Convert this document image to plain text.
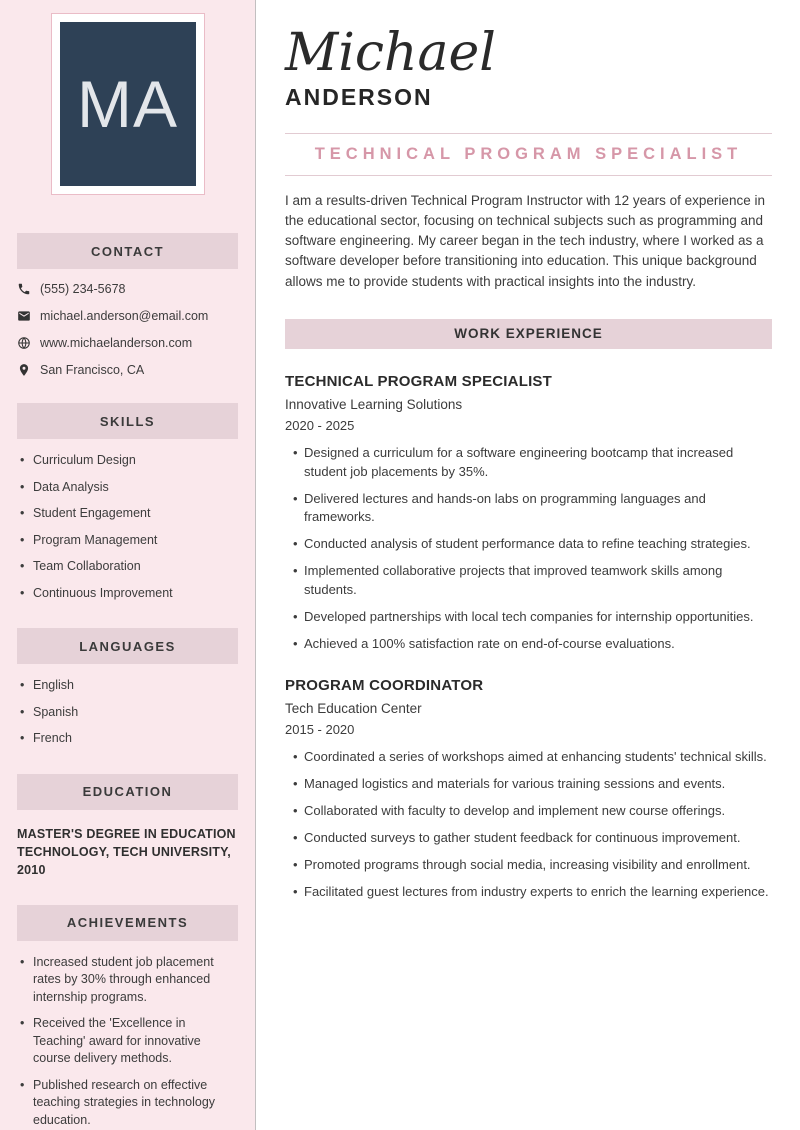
MA
CONTACT
(555) 234-5678
michael.anderson@email.com
www.michaelanderson.com
San Francisco, CA
SKILLS
• Curriculum Design
• Data Analysis
• Student Engagement
• Program Management
• Team Collaboration
• Continuous Improvement
LANGUAGES
• English
• Spanish
• French
EDUCATION
MASTER'S DEGREE IN EDUCATION TECHNOLOGY, TECH UNIVERSITY, 2010
ACHIEVEMENTS
• Increased student job placement rates by 30% through enhanced internship programs.
• Received the 'Excellence in Teaching' award for innovative course delivery methods.
• Published research on effective teaching strategies in technology education.
Michael
ANDERSON
TECHNICAL PROGRAM SPECIALIST

I am a results-driven Technical Program Instructor with 12 years of experience in the educational sector, focusing on technical subjects such as programming and software engineering. My career began in the tech industry, where I worked as a software developer before transitioning into education. This unique background allows me to provide students with practical insights into the industry.

WORK EXPERIENCE
TECHNICAL PROGRAM SPECIALIST
Innovative Learning Solutions
2020 - 2025
• Designed a curriculum for a software engineering bootcamp that increased student job placements by 35%.
• Delivered lectures and hands-on labs on programming languages and frameworks.
• Conducted analysis of student performance data to refine teaching strategies.
• Implemented collaborative projects that improved teamwork skills among students.
• Developed partnerships with local tech companies for internship opportunities.
• Achieved a 100% satisfaction rate on end-of-course evaluations.
PROGRAM COORDINATOR
Tech Education Center
2015 - 2020
• Coordinated a series of workshops aimed at enhancing students' technical skills.
• Managed logistics and materials for various training sessions and events.
• Collaborated with faculty to develop and implement new course offerings.
• Conducted surveys to gather student feedback for continuous improvement.
• Promoted programs through social media, increasing visibility and enrollment.
• Facilitated guest lectures from industry experts to enrich the learning experience.
